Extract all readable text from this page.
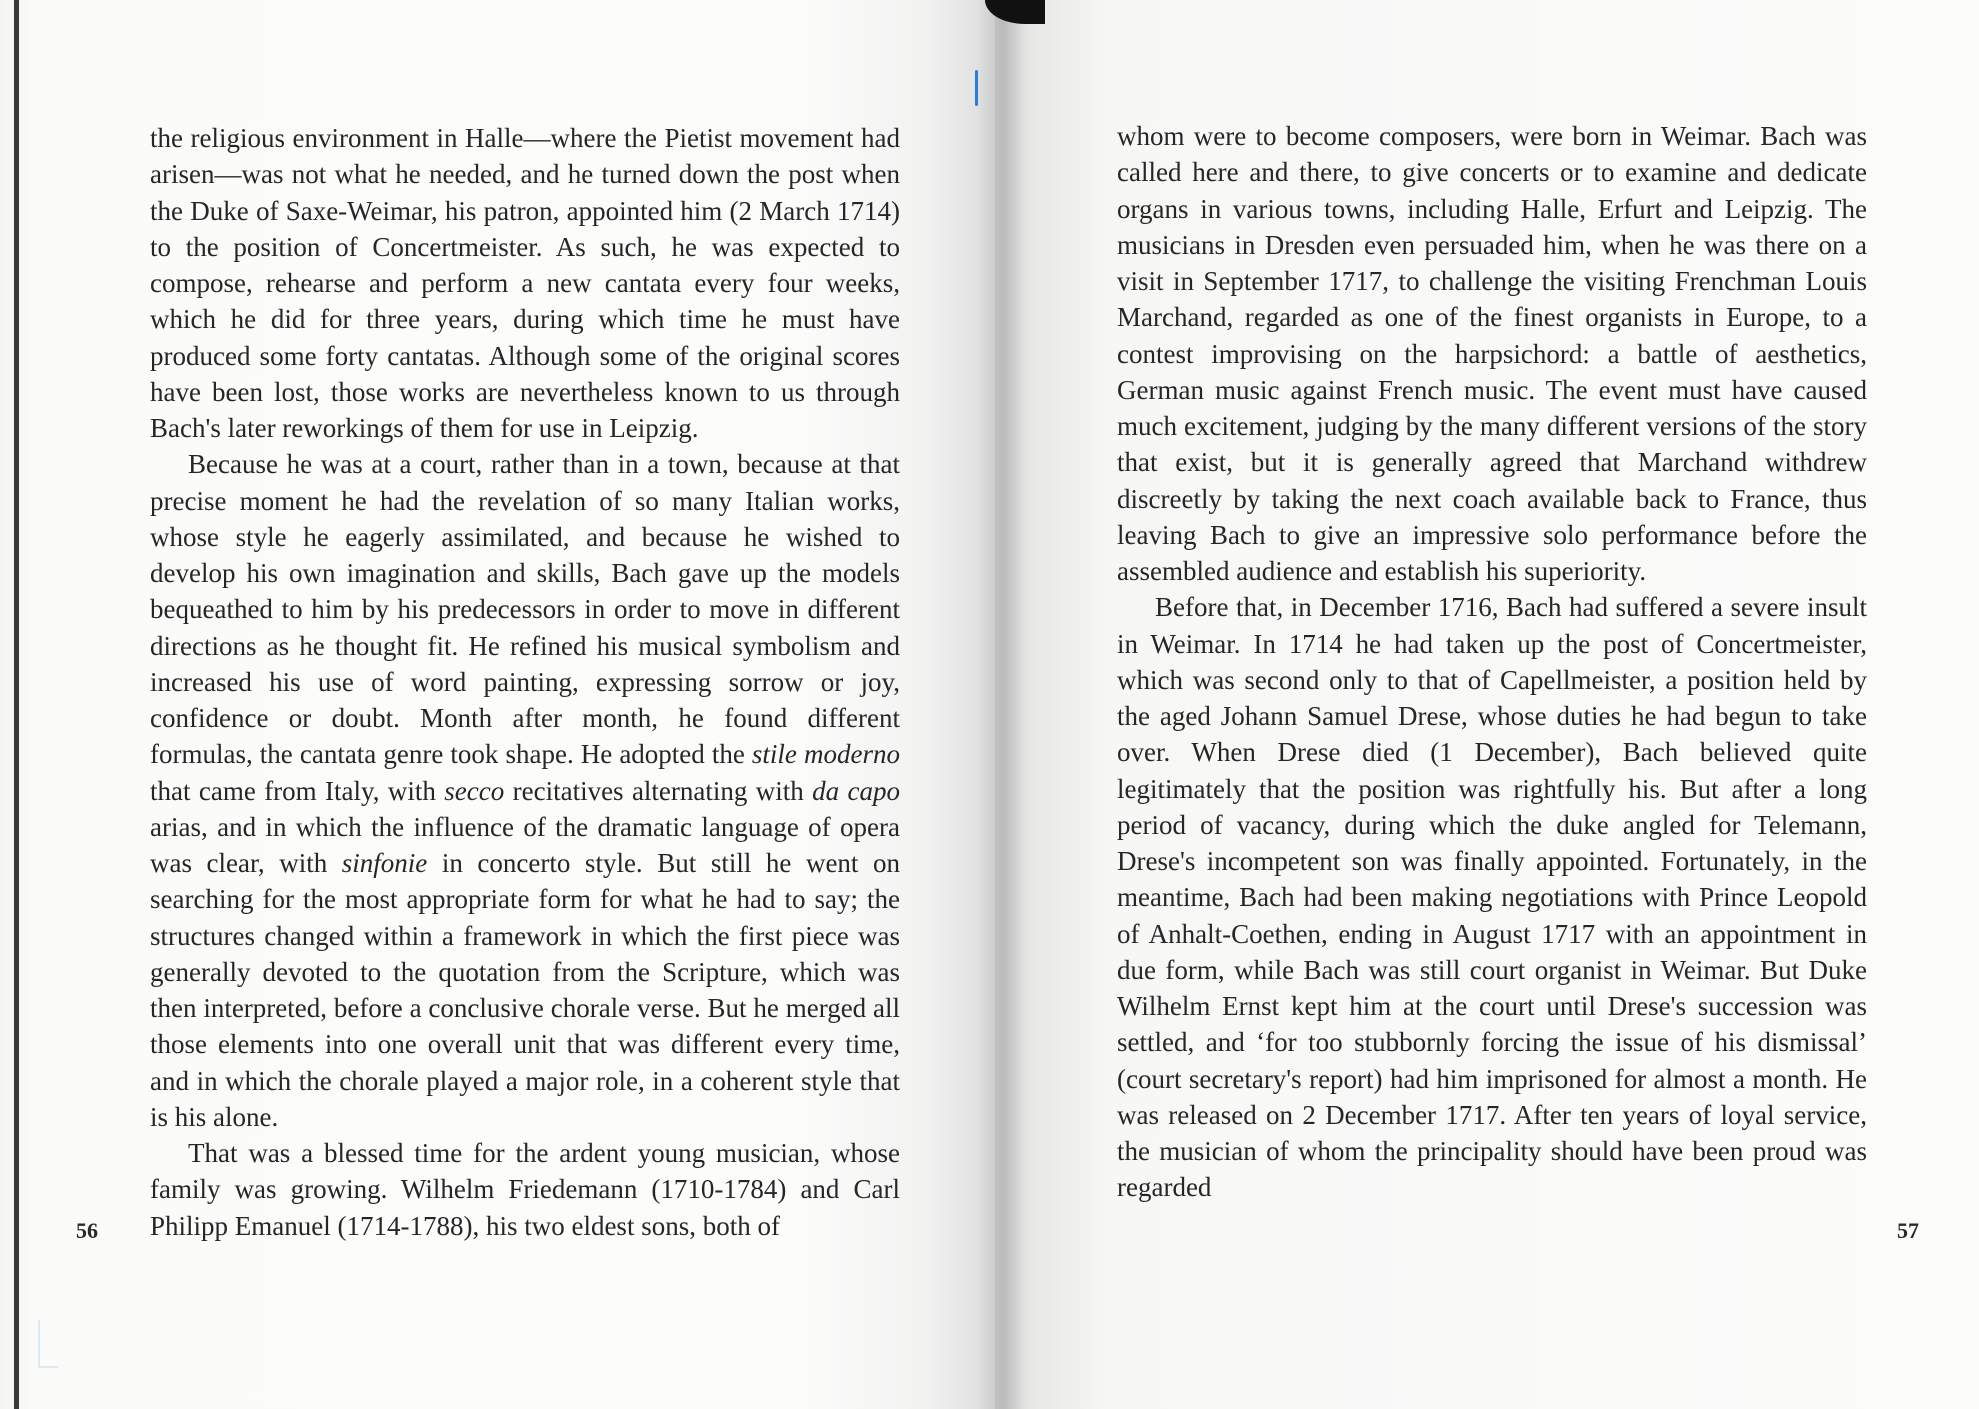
the religious environment in Halle—where the Pietist movement had arisen—was not what he needed, and he turned down the post when the Duke of Saxe-Weimar, his patron, appointed him (2 March 1714) to the position of Concertmeister. As such, he was expected to compose, rehearse and perform a new cantata every four weeks, which he did for three years, during which time he must have produced some forty cantatas. Although some of the original scores have been lost, those works are nevertheless known to us through Bach's later reworkings of them for use in Leipzig.

Because he was at a court, rather than in a town, because at that precise moment he had the revelation of so many Italian works, whose style he eagerly assimilated, and because he wished to develop his own imagination and skills, Bach gave up the models bequeathed to him by his predecessors in order to move in different directions as he thought fit. He refined his musical symbolism and increased his use of word painting, expressing sorrow or joy, confidence or doubt. Month after month, he found different formulas, the cantata genre took shape. He adopted the stile moderno that came from Italy, with secco recitatives alternating with da capo arias, and in which the influence of the dramatic language of opera was clear, with sinfonie in concerto style. But still he went on searching for the most appropriate form for what he had to say; the structures changed within a framework in which the first piece was generally devoted to the quotation from the Scripture, which was then interpreted, before a conclusive chorale verse. But he merged all those elements into one overall unit that was different every time, and in which the chorale played a major role, in a coherent style that is his alone.

That was a blessed time for the ardent young musician, whose family was growing. Wilhelm Friedemann (1710-1784) and Carl Philipp Emanuel (1714-1788), his two eldest sons, both of

whom were to become composers, were born in Weimar. Bach was called here and there, to give concerts or to examine and dedicate organs in various towns, including Halle, Erfurt and Leipzig. The musicians in Dresden even persuaded him, when he was there on a visit in September 1717, to challenge the visiting Frenchman Louis Marchand, regarded as one of the finest organists in Europe, to a contest improvising on the harpsichord: a battle of aesthetics, German music against French music. The event must have caused much excitement, judging by the many different versions of the story that exist, but it is generally agreed that Marchand withdrew discreetly by taking the next coach available back to France, thus leaving Bach to give an impressive solo performance before the assembled audience and establish his superiority.

Before that, in December 1716, Bach had suffered a severe insult in Weimar. In 1714 he had taken up the post of Concertmeister, which was second only to that of Capellmeister, a position held by the aged Johann Samuel Drese, whose duties he had begun to take over. When Drese died (1 December), Bach believed quite legitimately that the position was rightfully his. But after a long period of vacancy, during which the duke angled for Telemann, Drese's incompetent son was finally appointed. Fortunately, in the meantime, Bach had been making negotiations with Prince Leopold of Anhalt-Coethen, ending in August 1717 with an appointment in due form, while Bach was still court organist in Weimar. But Duke Wilhelm Ernst kept him at the court until Drese's succession was settled, and ‘for too stubbornly forcing the issue of his dismissal’ (court secretary's report) had him imprisoned for almost a month. He was released on 2 December 1717. After ten years of loyal service, the musician of whom the principality should have been proud was regarded

56	57
